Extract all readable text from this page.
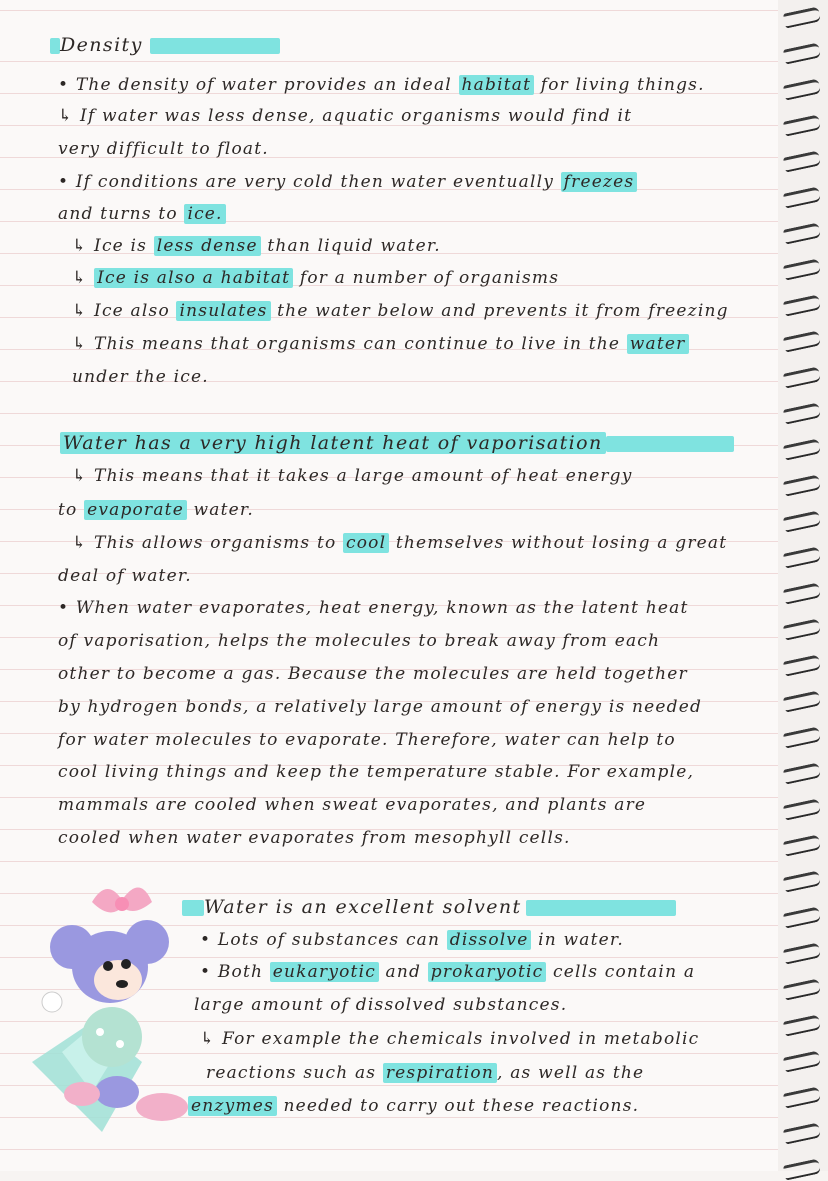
Density
Water has a very high latent heat of vaporisation
Water is an excellent solvent
• The density of water provides an ideal habitat for living things.
↳ If water was less dense, aquatic organisms would find it
very difficult to float.
• If conditions are very cold then water eventually freezes
and turns to ice.
↳ Ice is less dense than liquid water.
↳ Ice is also a habitat for a number of organisms
↳ Ice also insulates the water below and prevents it from freezing
↳ This means that organisms can continue to live in the water
under the ice.
↳ This means that it takes a large amount of heat energy
to evaporate water.
↳ This allows organisms to cool themselves without losing a great
deal of water.
• When water evaporates, heat energy, known as the latent heat
of vaporisation, helps the molecules to break away from each
other to become a gas. Because the molecules are held together
by hydrogen bonds, a relatively large amount of energy is needed
for water molecules to evaporate. Therefore, water can help to
cool living things and keep the temperature stable. For example,
mammals are cooled when sweat evaporates, and plants are
cooled when water evaporates from mesophyll cells.
• Lots of substances can dissolve in water.
• Both eukaryotic and prokaryotic cells contain a
large amount of dissolved substances.
↳ For example the chemicals involved in metabolic
reactions such as respiration , as well as the
enzymes needed to carry out these reactions.
